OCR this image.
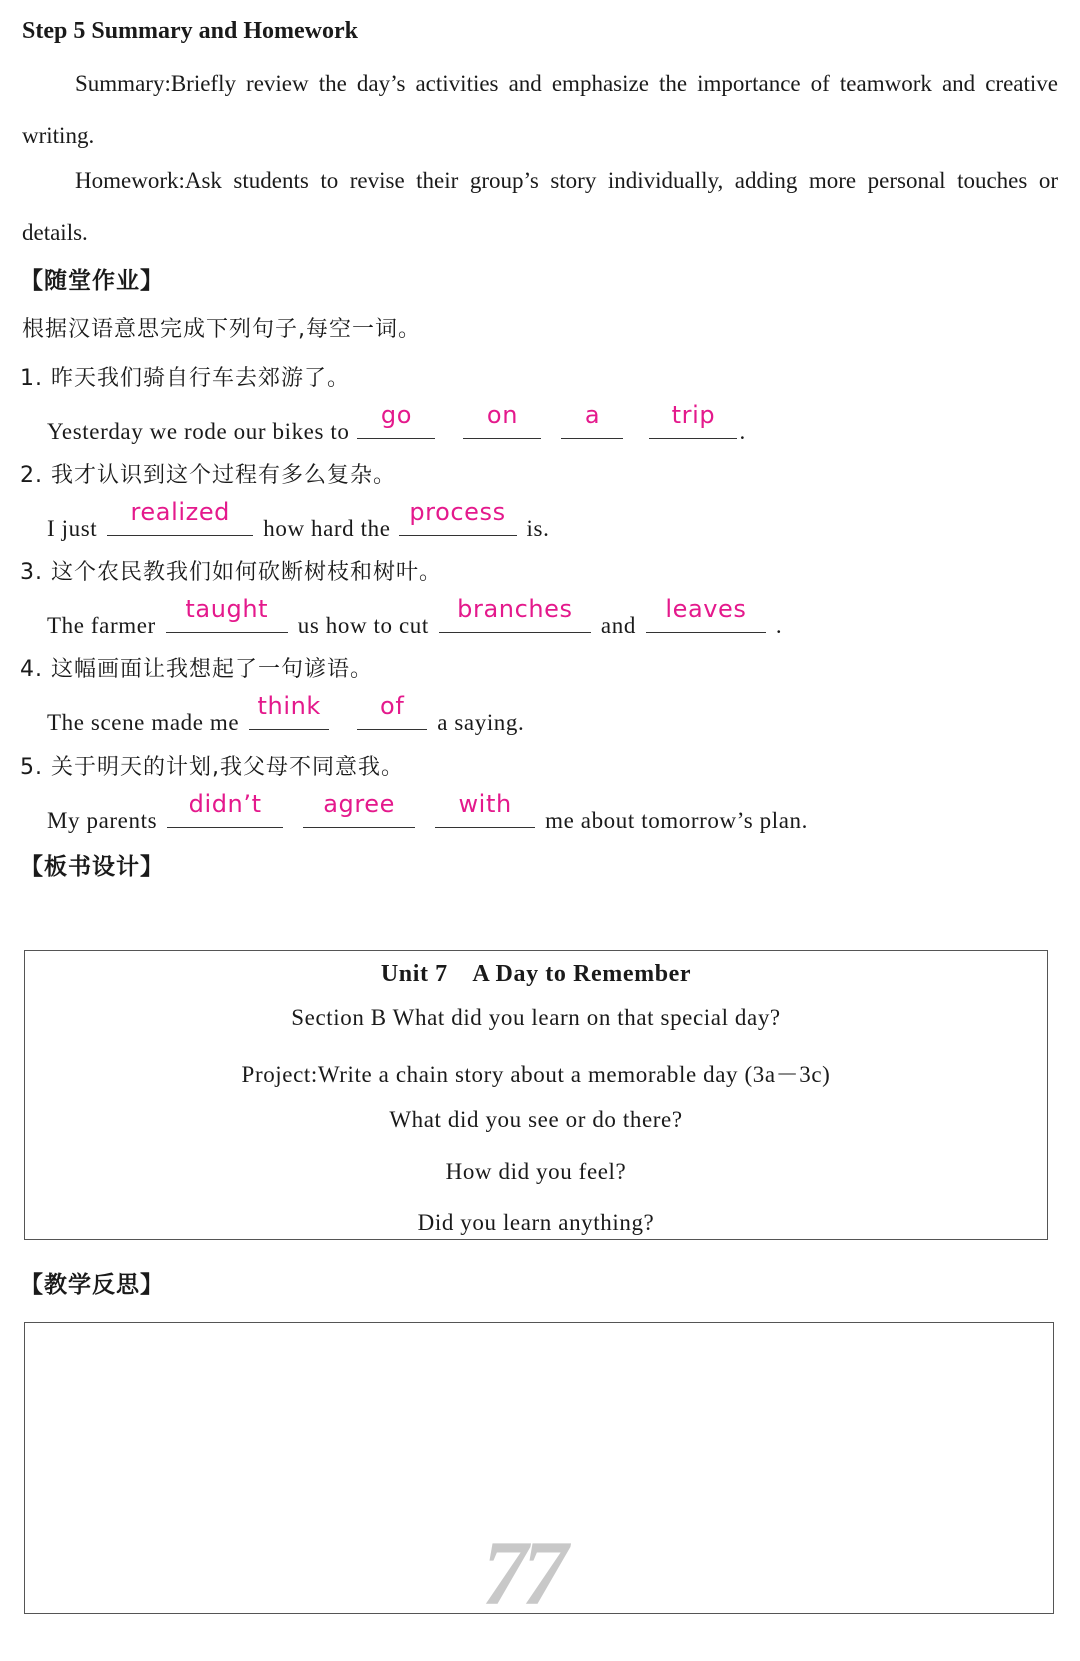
Step 5 Summary and Homework
Summary:Briefly review the day’s activities and emphasize the importance of teamwork and creative writing.
Homework:Ask students to revise their group’s story individually, adding more personal touches or details.
【随堂作业】
根据汉语意思完成下列句子,每空一词。
1. 昨天我们骑自行车去郊游了。
Yesterday we rode our bikes to
go	on	a	trip
.
2. 我才认识到这个过程有多么复杂。
I just
realized
how hard the
process
is.
3. 这个农民教我们如何砍断树枝和树叶。
The farmer
taught
us how to cut
branches
and
leaves
.
4. 这幅画面让我想起了一句谚语。
The scene made me
think	of
a saying.
5. 关于明天的计划,我父母不同意我。
My parents
didn’t	agree	with
me about tomorrow’s plan.
【板书设计】
Unit 7　A Day to Remember
Section B What did you learn on that special day?
Project:Write a chain story about a memorable day (3a－3c)
What did you see or do there?
How did you feel?
Did you learn anything?
【教学反思】
77
